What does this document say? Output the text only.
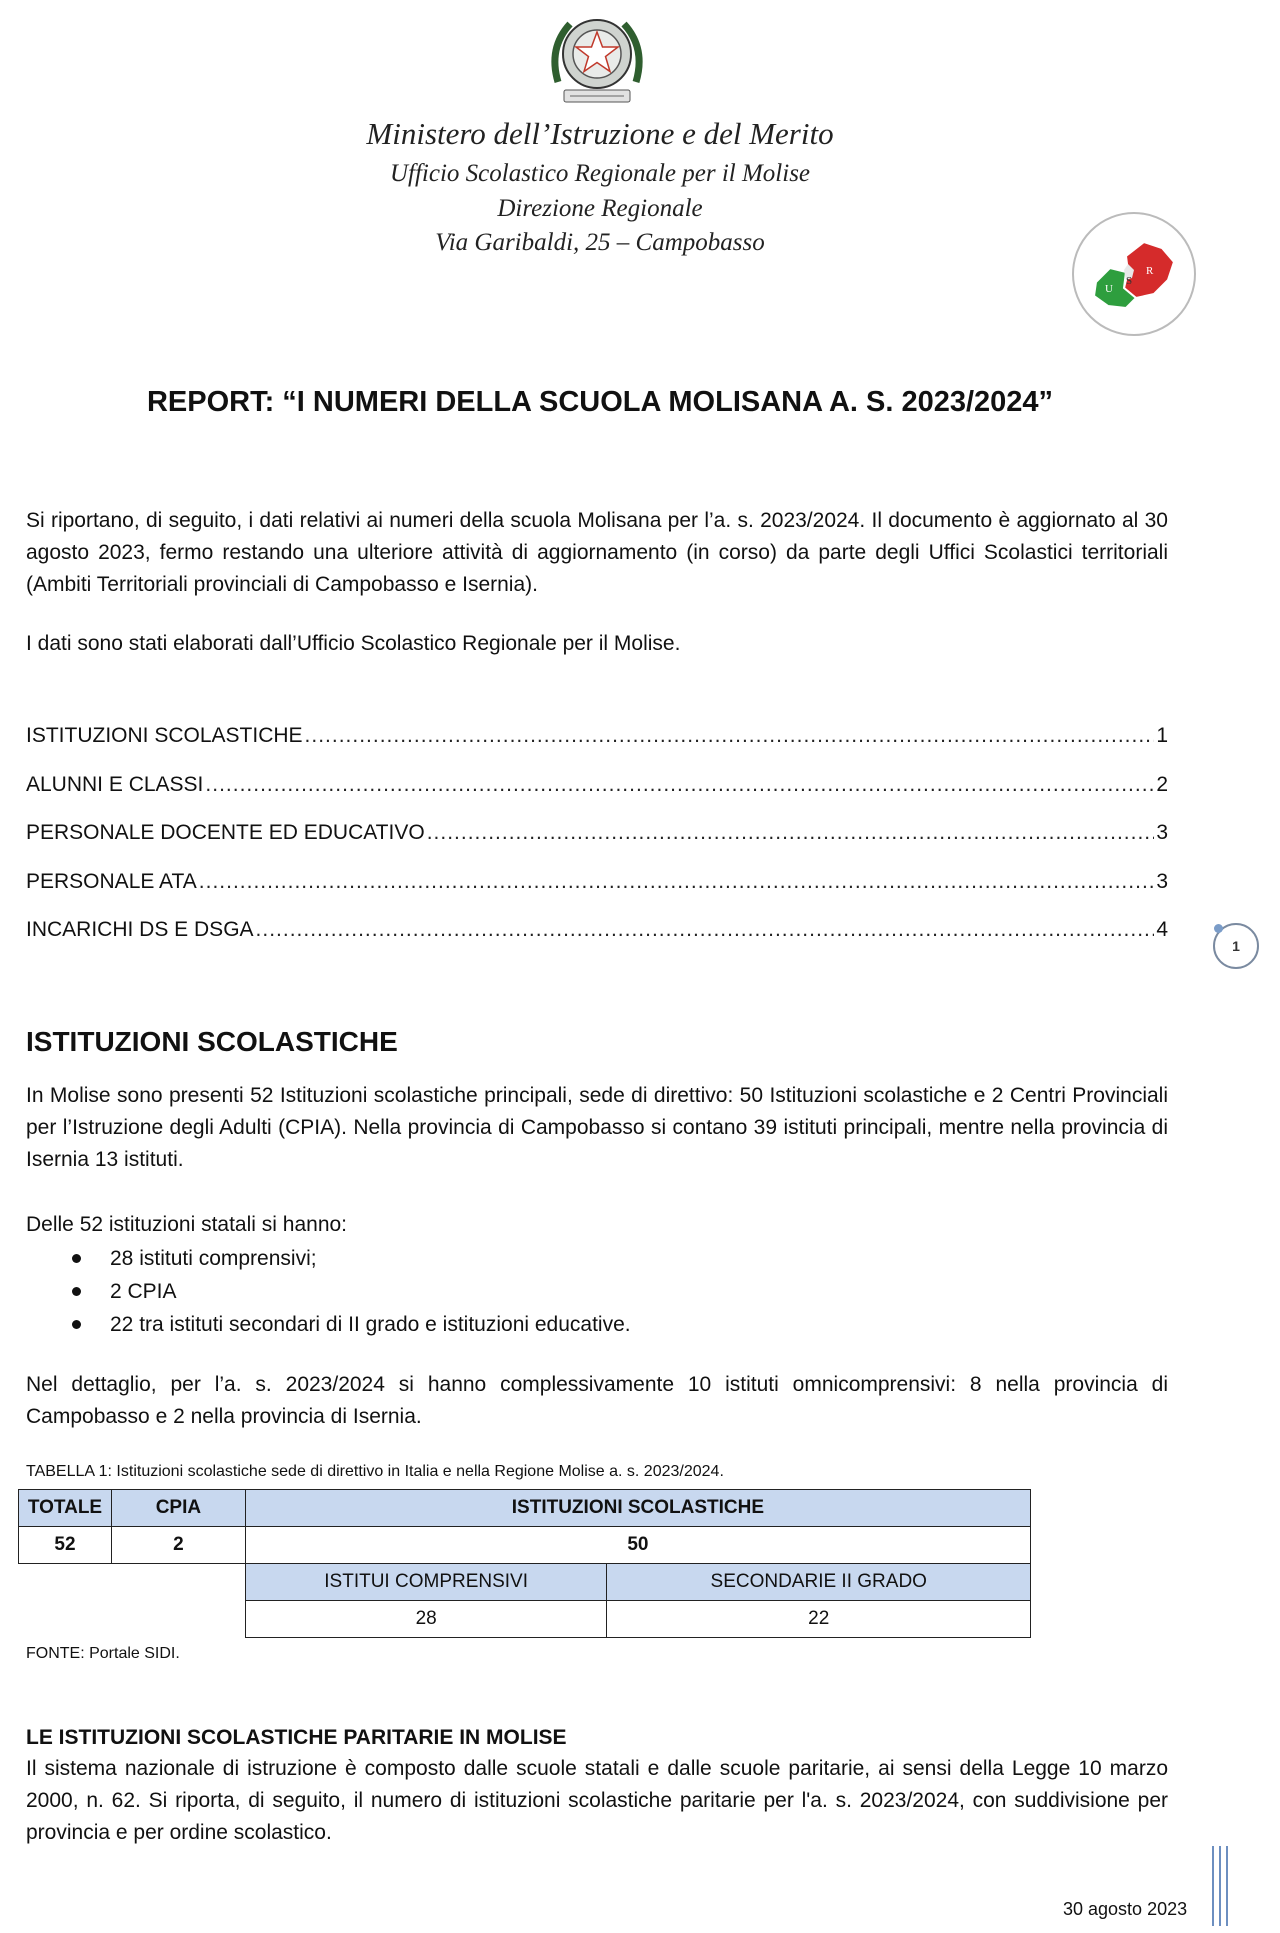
Ministero dell’Istruzione e del Merito
Ufficio Scolastico Regionale per il Molise
Direzione Regionale
Via Garibaldi, 25 – Campobasso
U
S
R
REPORT: “I NUMERI DELLA SCUOLA MOLISANA A. S. 2023/2024”
Si riportano, di seguito, i dati relativi ai numeri della scuola Molisana per l’a. s. 2023/2024. Il documento è aggiornato al 30 agosto 2023, fermo restando una ulteriore attività di aggiornamento (in corso) da parte degli Uffici Scolastici territoriali (Ambiti Territoriali provinciali di Campobasso e Isernia).
I dati sono stati elaborati dall’Ufficio Scolastico Regionale per il Molise.
ISTITUZIONI SCOLASTICHE .....	1
ALUNNI E CLASSI .....	2
PERSONALE DOCENTE ED EDUCATIVO .....	3
PERSONALE ATA .....	3
INCARICHI DS E DSGA .....	4
1
ISTITUZIONI SCOLASTICHE
In Molise sono presenti 52 Istituzioni scolastiche principali, sede di direttivo: 50 Istituzioni scolastiche e 2 Centri Provinciali per l’Istruzione degli Adulti (CPIA). Nella provincia di Campobasso si contano 39 istituti principali, mentre nella provincia di Isernia 13 istituti.
Delle 52 istituzioni statali si hanno:
28 istituti comprensivi;
2 CPIA
22 tra istituti secondari di II grado e istituzioni educative.
Nel dettaglio, per l’a. s. 2023/2024 si hanno complessivamente 10 istituti omnicomprensivi: 8 nella provincia di Campobasso e 2 nella provincia di Isernia.
TABELLA 1: Istituzioni scolastiche sede di direttivo in Italia e nella Regione Molise a. s. 2023/2024.
TOTALE	CPIA	ISTITUZIONI SCOLASTICHE	
52	2	50	
		ISTITUI COMPRENSIVI	SECONDARIE II GRADO
		28	22
FONTE: Portale SIDI.
LE ISTITUZIONI SCOLASTICHE PARITARIE IN MOLISE
Il sistema nazionale di istruzione è composto dalle scuole statali e dalle scuole paritarie, ai sensi della Legge 10 marzo 2000, n. 62. Si riporta, di seguito, il numero di istituzioni scolastiche paritarie per l'a. s. 2023/2024, con suddivisione per provincia e per ordine scolastico.
30 agosto 2023
